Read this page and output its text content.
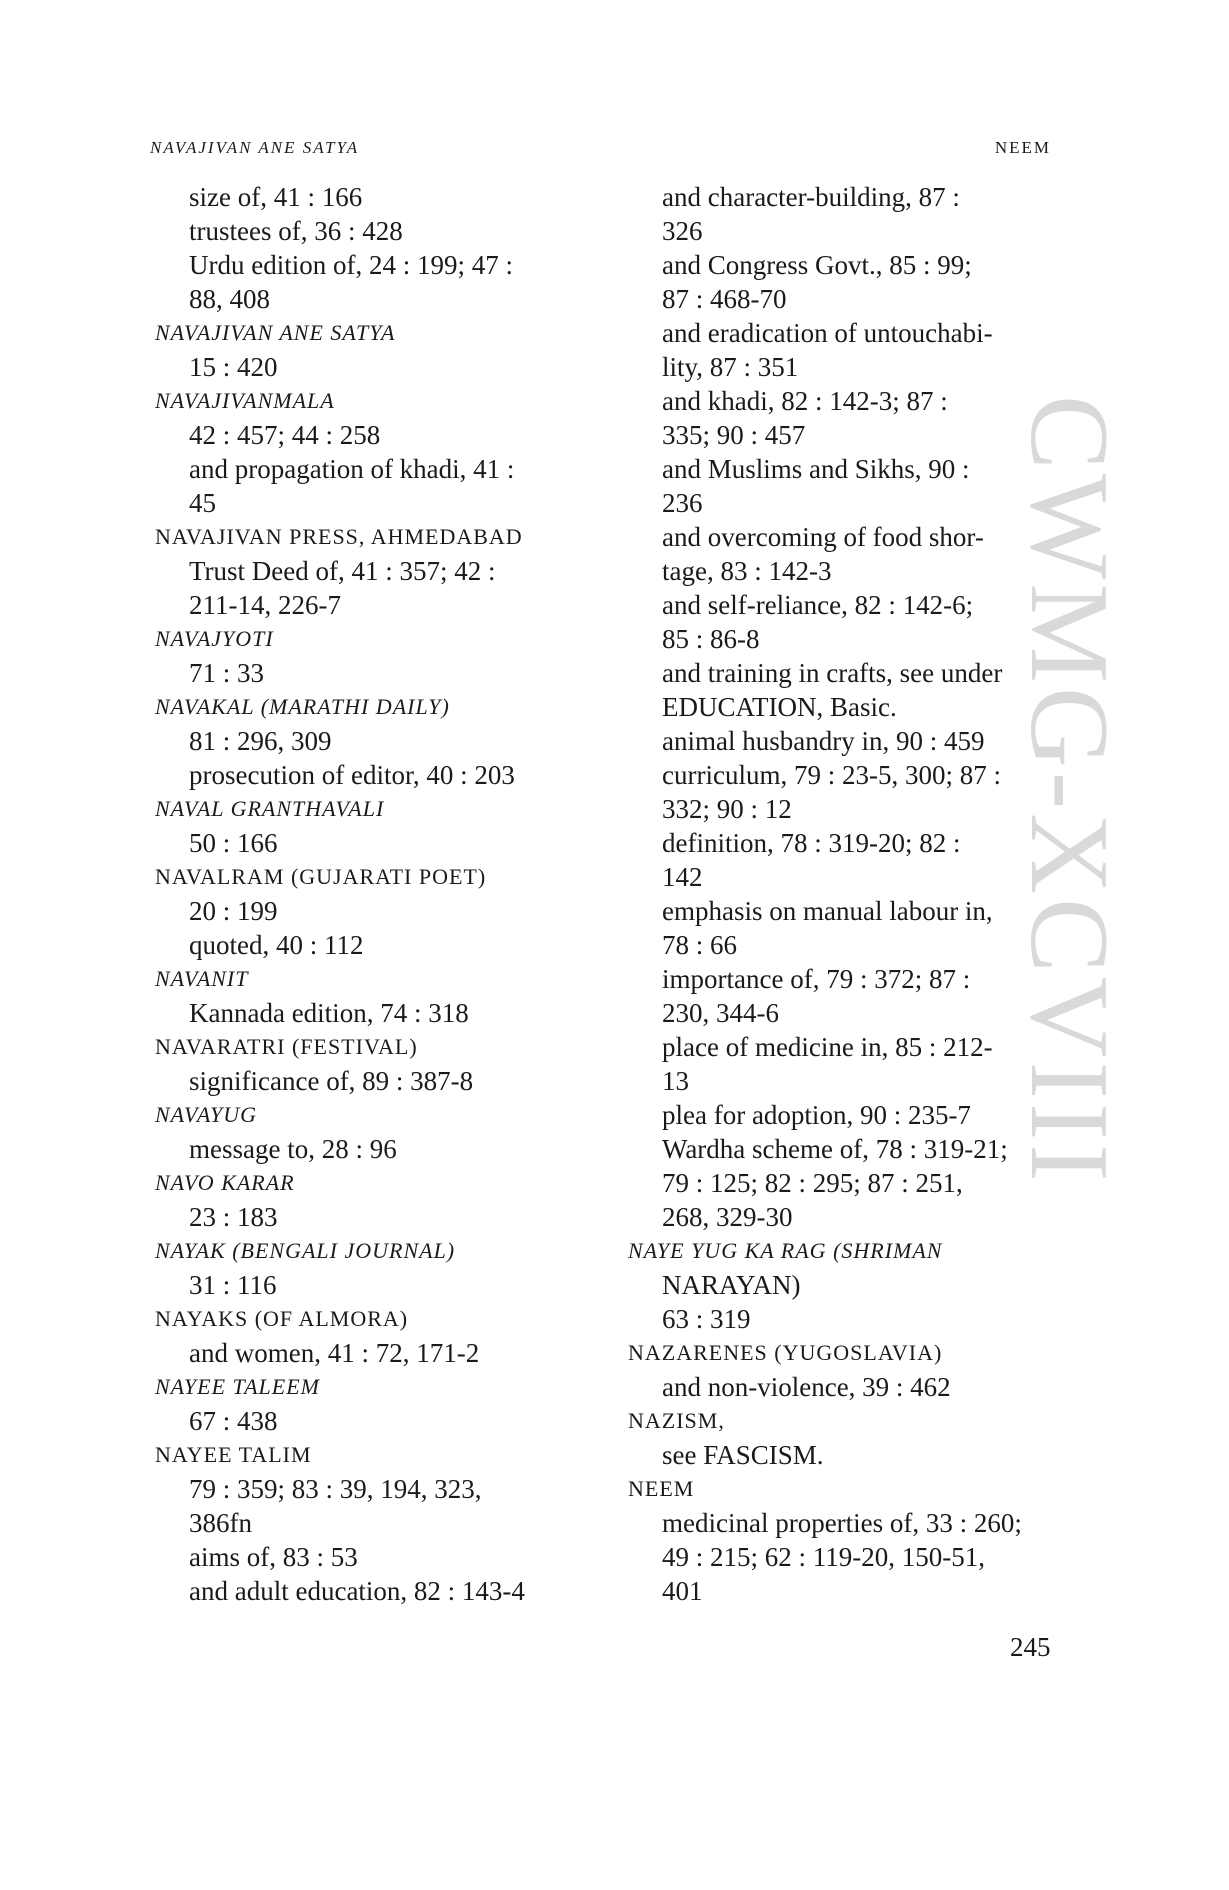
NAVAJIVAN ANE SATYA	NEEM
size of, 41 : 166
trustees of, 36 : 428
Urdu edition of, 24 : 199; 47 :
88, 408
NAVAJIVAN ANE SATYA
15 : 420
NAVAJIVANMALA
42 : 457; 44 : 258
and propagation of khadi, 41 :
45
NAVAJIVAN PRESS, AHMEDABAD
Trust Deed of, 41 : 357; 42 :
211-14, 226-7
NAVAJYOTI
71 : 33
NAVAKAL (MARATHI DAILY)
81 : 296, 309
prosecution of editor, 40 : 203
NAVAL GRANTHAVALI
50 : 166
NAVALRAM (GUJARATI POET)
20 : 199
quoted, 40 : 112
NAVANIT
Kannada edition, 74 : 318
NAVARATRI (FESTIVAL)
significance of, 89 : 387-8
NAVAYUG
message to, 28 : 96
NAVO KARAR
23 : 183
NAYAK (BENGALI JOURNAL)
31 : 116
NAYAKS (OF ALMORA)
and women, 41 : 72, 171-2
NAYEE TALEEM
67 : 438
NAYEE TALIM
79 : 359; 83 : 39, 194, 323,
386fn
aims of, 83 : 53
and adult education, 82 : 143-4
and character-building, 87 :
326
and Congress Govt., 85 : 99;
87 : 468-70
and eradication of untouchabi-
lity, 87 : 351
and khadi, 82 : 142-3; 87 :
335; 90 : 457
and Muslims and Sikhs, 90 :
236
and overcoming of food shor-
tage, 83 : 142-3
and self-reliance, 82 : 142-6;
85 : 86-8
and training in crafts, see under
EDUCATION, Basic.
animal husbandry in, 90 : 459
curriculum, 79 : 23-5, 300; 87 :
332; 90 : 12
definition, 78 : 319-20; 82 :
142
emphasis on manual labour in,
78 : 66
importance of, 79 : 372; 87 :
230, 344-6
place of medicine in, 85 : 212-
13
plea for adoption, 90 : 235-7
Wardha scheme of, 78 : 319-21;
79 : 125; 82 : 295; 87 : 251,
268, 329-30
NAYE YUG KA RAG (SHRIMAN
NARAYAN)
63 : 319
NAZARENES (YUGOSLAVIA)
and non-violence, 39 : 462
NAZISM,
see FASCISM.
NEEM
medicinal properties of, 33 : 260;
49 : 215; 62 : 119-20, 150-51,
401
CWMG-XCVIII
245
